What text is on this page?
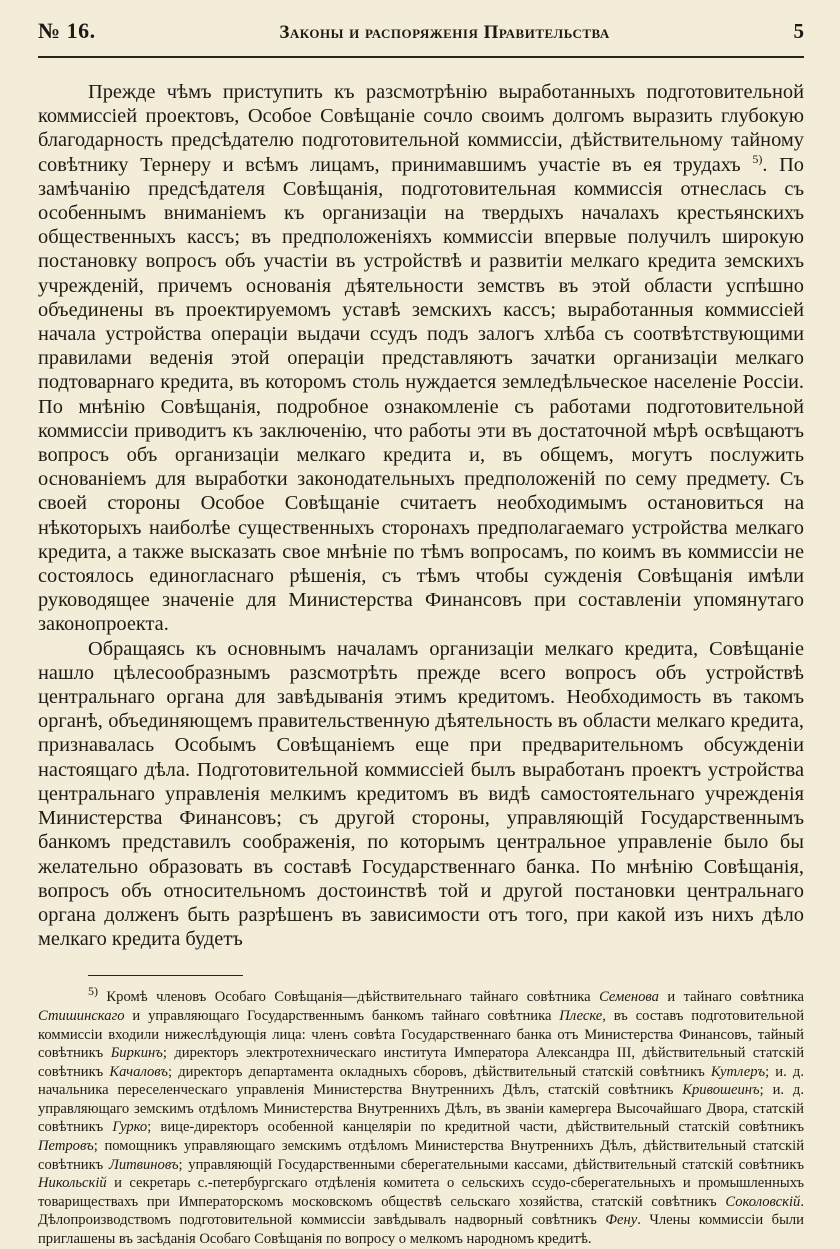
№ 16.	Законы и распоряженія Правительства	5

Прежде чѣмъ приступить къ разсмотрѣнію выработанныхъ подготовительной коммиссіей проектовъ, Особое Совѣщаніе сочло своимъ долгомъ выразить глубокую благодарность предсѣдателю подготовительной коммиссіи, дѣйствительному тайному совѣтнику Тернеру и всѣмъ лицамъ, принимавшимъ участіе въ ея трудахъ $^{5)}$. По замѣчанію предсѣдателя Совѣщанія, подготовительная коммиссія отнеслась съ особеннымъ вниманіемъ къ организаціи на твердыхъ началахъ крестьянскихъ общественныхъ кассъ; въ предположеніяхъ коммиссіи впервые получилъ широкую постановку вопросъ объ участіи въ устройствѣ и развитіи мелкаго кредита земскихъ учрежденій, причемъ основанія дѣятельности земствъ въ этой области успѣшно объединены въ проектируемомъ уставѣ земскихъ кассъ; выработанныя коммиссіей начала устройства операціи выдачи ссудъ подъ залогъ хлѣба съ соотвѣтствующими правилами веденія этой операціи представляютъ зачатки организаціи мелкаго подтоварнаго кредита, въ которомъ столь нуждается земледѣльческое населеніе Россіи. По мнѣнію Совѣщанія, подробное ознакомленіе съ работами подготовительной коммиссіи приводитъ къ заключенію, что работы эти въ достаточной мѣрѣ освѣщаютъ вопросъ объ организаціи мелкаго кредита и, въ общемъ, могутъ послужить основаніемъ для выработки законодательныхъ предположеній по сему предмету. Съ своей стороны Особое Совѣщаніе считаетъ необходимымъ остановиться на нѣкоторыхъ наиболѣе существенныхъ сторонахъ предполагаемаго устройства мелкаго кредита, а также высказать свое мнѣніе по тѣмъ вопросамъ, по коимъ въ коммиссіи не состоялось единогласнаго рѣшенія, съ тѣмъ чтобы сужденія Совѣщанія имѣли руководящее значеніе для Министерства Финансовъ при составленіи упомянутаго законопроекта.

Обращаясь къ основнымъ началамъ организаціи мелкаго кредита, Совѣщаніе нашло цѣлесообразнымъ разсмотрѣть прежде всего вопросъ объ устройствѣ центральнаго органа для завѣдыванія этимъ кредитомъ. Необходимость въ такомъ органѣ, объединяющемъ правительственную дѣятельность въ области мелкаго кредита, признавалась Особымъ Совѣщаніемъ еще при предварительномъ обсужденіи настоящаго дѣла. Подготовительной коммиссіей былъ выработанъ проектъ устройства центральнаго управленія мелкимъ кредитомъ въ видѣ самостоятельнаго учрежденія Министерства Финансовъ; съ другой стороны, управляющій Государственнымъ банкомъ представилъ соображенія, по которымъ центральное управленіе было бы желательно образовать въ составѣ Государственнаго банка. По мнѣнію Совѣщанія, вопросъ объ относительномъ достоинствѣ той и другой постановки центральнаго органа долженъ быть разрѣшенъ въ зависимости отъ того, при какой изъ нихъ дѣло мелкаго кредита будетъ

$^{5)}$ Кромѣ членовъ Особаго Совѣщанія—дѣйствительнаго тайнаго совѣтника Семенова и тайнаго совѣтника Стишинскаго и управляющаго Государственнымъ банкомъ тайнаго совѣтника Плеске, въ составъ подготовительной коммиссіи входили нижеслѣдующія лица: членъ совѣта Государственнаго банка отъ Министерства Финансовъ, тайный совѣтникъ Биркинъ; директоръ электротехническаго института Императора Александра III, дѣйствительный статскій совѣтникъ Качаловъ; директоръ департамента окладныхъ сборовъ, дѣйствительный статскій совѣтникъ Кутлеръ; и. д. начальника переселенческаго управленія Министерства Внутреннихъ Дѣлъ, статскій совѣтникъ Кривошеинъ; и. д. управляющаго земскимъ отдѣломъ Министерства Внутреннихъ Дѣлъ, въ званіи камергера Высочайшаго Двора, статскій совѣтникъ Гурко; вице-директоръ особенной канцеляріи по кредитной части, дѣйствительный статскій совѣтникъ Петровъ; помощникъ управляющаго земскимъ отдѣломъ Министерства Внутреннихъ Дѣлъ, дѣйствительный статскій совѣтникъ Литвиновъ; управляющій Государственными сберегательными кассами, дѣйствительный статскій совѣтникъ Никольскій и секретарь с.-петербургскаго отдѣленія комитета о сельскихъ ссудо-сберегательныхъ и промышленныхъ товариществахъ при Императорскомъ московскомъ обществѣ сельскаго хозяйства, статскій совѣтникъ Соколовскій. Дѣлопроизводствомъ подготовительной коммиссіи завѣдывалъ надворный совѣтникъ Фену. Члены коммиссіи были приглашены въ засѣданія Особаго Совѣщанія по вопросу о мелкомъ народномъ кредитѣ.
